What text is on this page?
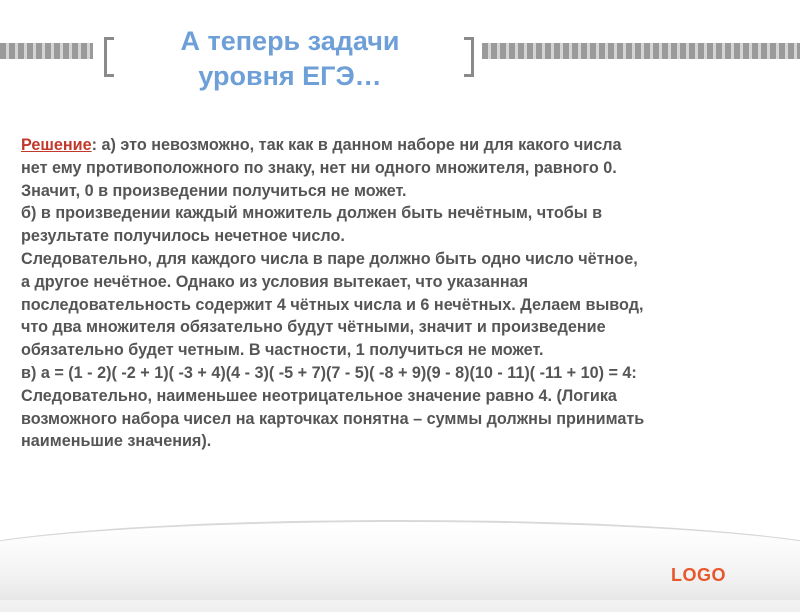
А теперь задачи
уровня ЕГЭ…
Решение: а) это невозможно, так как в данном наборе ни для какого числа
нет ему противоположного по знаку, нет ни одного множителя, равного 0.
Значит, 0 в произведении получиться не может.
б) в произведении каждый множитель должен быть нечётным, чтобы в
результате получилось нечетное число.
Следовательно, для каждого числа в паре должно быть одно число чётное,
а другое нечётное. Однако из условия вытекает, что указанная
последовательность содержит 4 чётных числа и 6 нечётных. Делаем вывод,
что два множителя обязательно будут чётными, значит и произведение
обязательно будет четным. В частности, 1 получиться не может.
в) а = (1 - 2)( -2 + 1)( -3 + 4)(4 - 3)( -5 + 7)(7 - 5)( -8 + 9)(9 - 8)(10 - 11)( -11 + 10) = 4:
Следовательно, наименьшее неотрицательное значение равно 4. (Логика
возможного набора чисел на карточках понятна – суммы должны принимать
наименьшие значения).
LOGO
